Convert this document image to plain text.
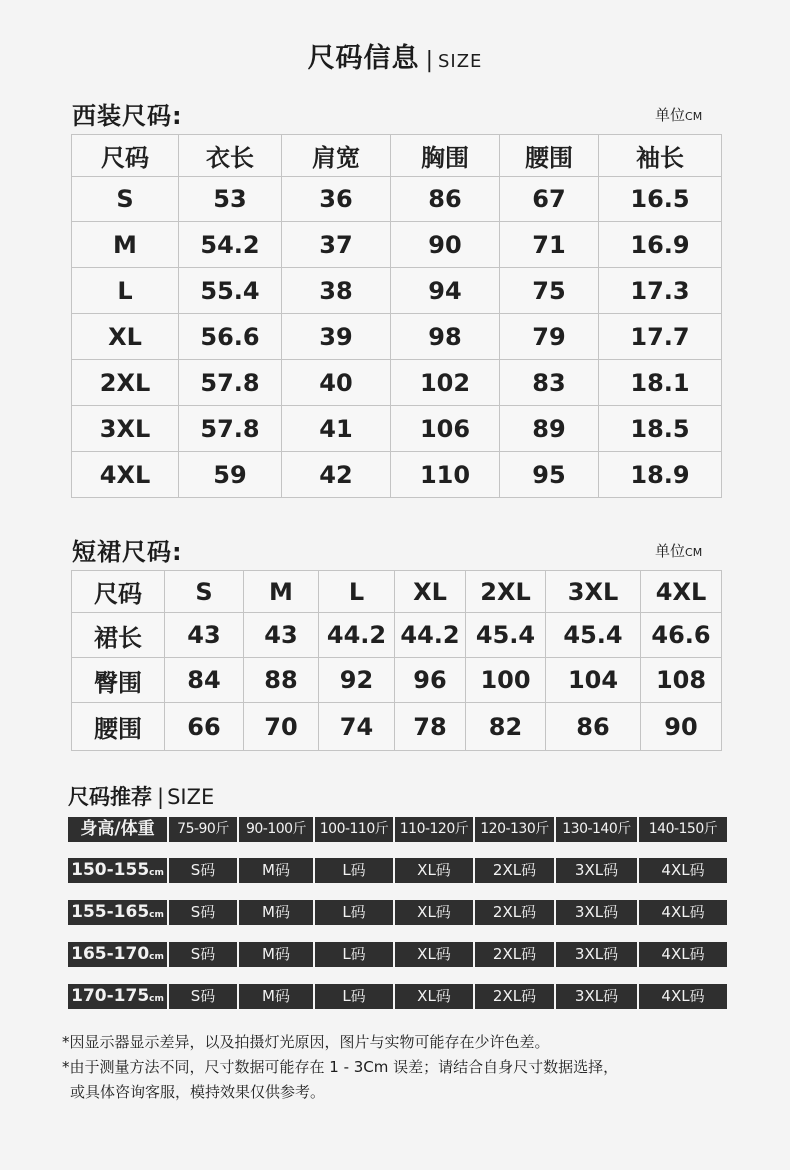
尺码信息 | SIZE
西装尺码:	单位CM
尺码	衣长	肩宽	胸围	腰围	袖长
S	53	36	86	67	16.5
M	54.2	37	90	71	16.9
L	55.4	38	94	75	17.3
XL	56.6	39	98	79	17.7
2XL	57.8	40	102	83	18.1
3XL	57.8	41	106	89	18.5
4XL	59	42	110	95	18.9
短裙尺码:	单位CM
尺码	S	M	L	XL	2XL	3XL	4XL
裙长	43	43	44.2	44.2	45.4	45.4	46.6
臀围	84	88	92	96	100	104	108
腰围	66	70	74	78	82	86	90
尺码推荐 | SIZE
身高/体重	75-90斤	90-100斤 100-110斤 110-120斤 120-130斤 130-140斤	140-150斤
150-155cm	S码	M码	L码	XL码	2XL码	3XL码	4XL码
155-165cm	S码	M码	L码	XL码	2XL码	3XL码	4XL码
165-170cm	S码	M码	L码	XL码	2XL码	3XL码	4XL码
170-175cm	S码	M码	L码	XL码	2XL码	3XL码	4XL码
*因显示器显示差异，以及拍摄灯光原因，图片与实物可能存在少许色差。
*由于测量方法不同，尺寸数据可能存在 1 - 3Cm 误差；请结合自身尺寸数据选择，
或具体咨询客服，模持效果仅供参考。
